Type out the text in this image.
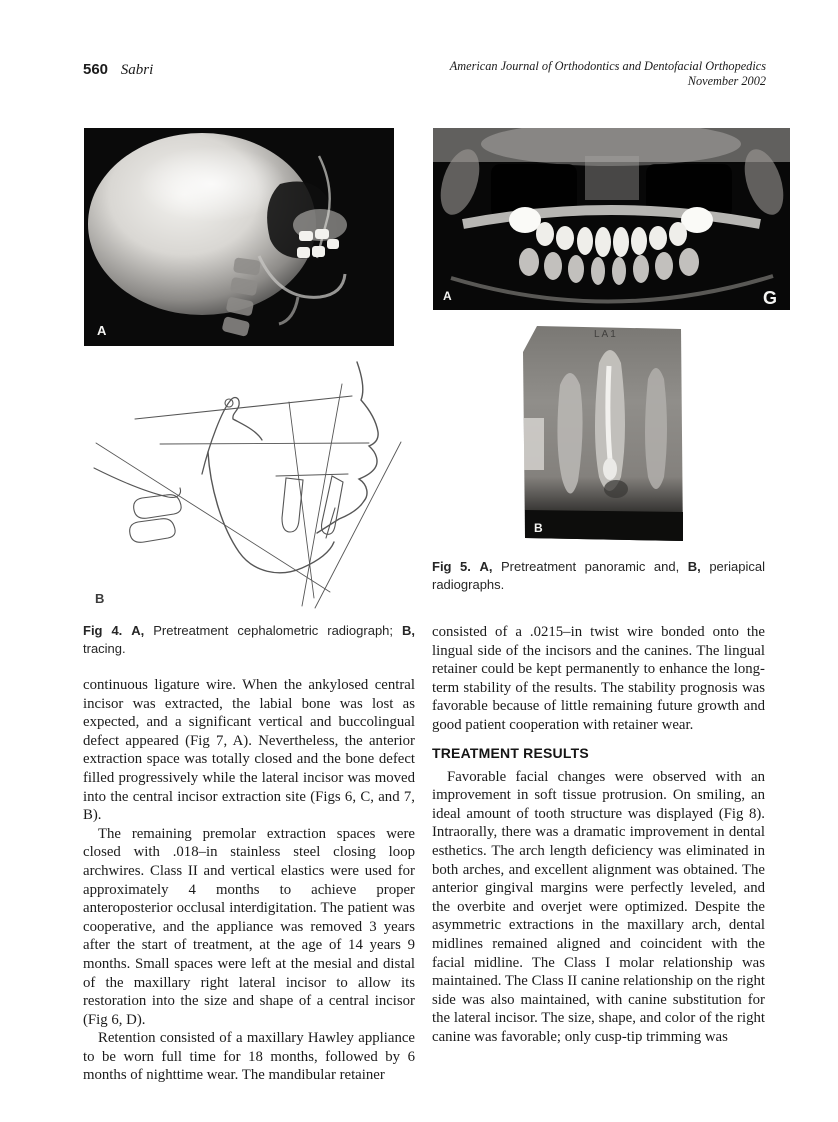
560 Sabri	American Journal of Orthodontics and Dentofacial Orthopedics
November 2002
A
B

Fig 4. A, Pretreatment cephalometric radiograph; B, tracing.

continuous ligature wire. When the ankylosed central incisor was extracted, the labial bone was lost as expected, and a significant vertical and buccolingual defect appeared (Fig 7, A). Nevertheless, the anterior extraction space was totally closed and the bone defect filled progressively while the lateral incisor was moved into the central incisor extraction site (Figs 6, C, and 7, B).

The remaining premolar extraction spaces were closed with .018–in stainless steel closing loop archwires. Class II and vertical elastics were used for approximately 4 months to achieve proper anteroposterior occlusal interdigitation. The patient was cooperative, and the appliance was removed 3 years after the start of treatment, at the age of 14 years 9 months. Small spaces were left at the mesial and distal of the maxillary right lateral incisor to allow its restoration into the size and shape of a central incisor (Fig 6, D).

Retention consisted of a maxillary Hawley appliance to be worn full time for 18 months, followed by 6 months of nighttime wear. The mandibular retainer

A	G
B
LA1

Fig 5. A, Pretreatment panoramic and, B, periapical radiographs.

consisted of a .0215–in twist wire bonded onto the lingual side of the incisors and the canines. The lingual retainer could be kept permanently to enhance the long-term stability of the results. The stability prognosis was favorable because of little remaining future growth and good patient cooperation with retainer wear.

TREATMENT RESULTS

Favorable facial changes were observed with an improvement in soft tissue protrusion. On smiling, an ideal amount of tooth structure was displayed (Fig 8). Intraorally, there was a dramatic improvement in dental esthetics. The arch length deficiency was eliminated in both arches, and excellent alignment was obtained. The anterior gingival margins were perfectly leveled, and the overbite and overjet were optimized. Despite the asymmetric extractions in the maxillary arch, dental midlines remained aligned and coincident with the facial midline. The Class I molar relationship was maintained. The Class II canine relationship on the right side was also maintained, with canine substitution for the lateral incisor. The size, shape, and color of the right canine was favorable; only cusp-tip trimming was
